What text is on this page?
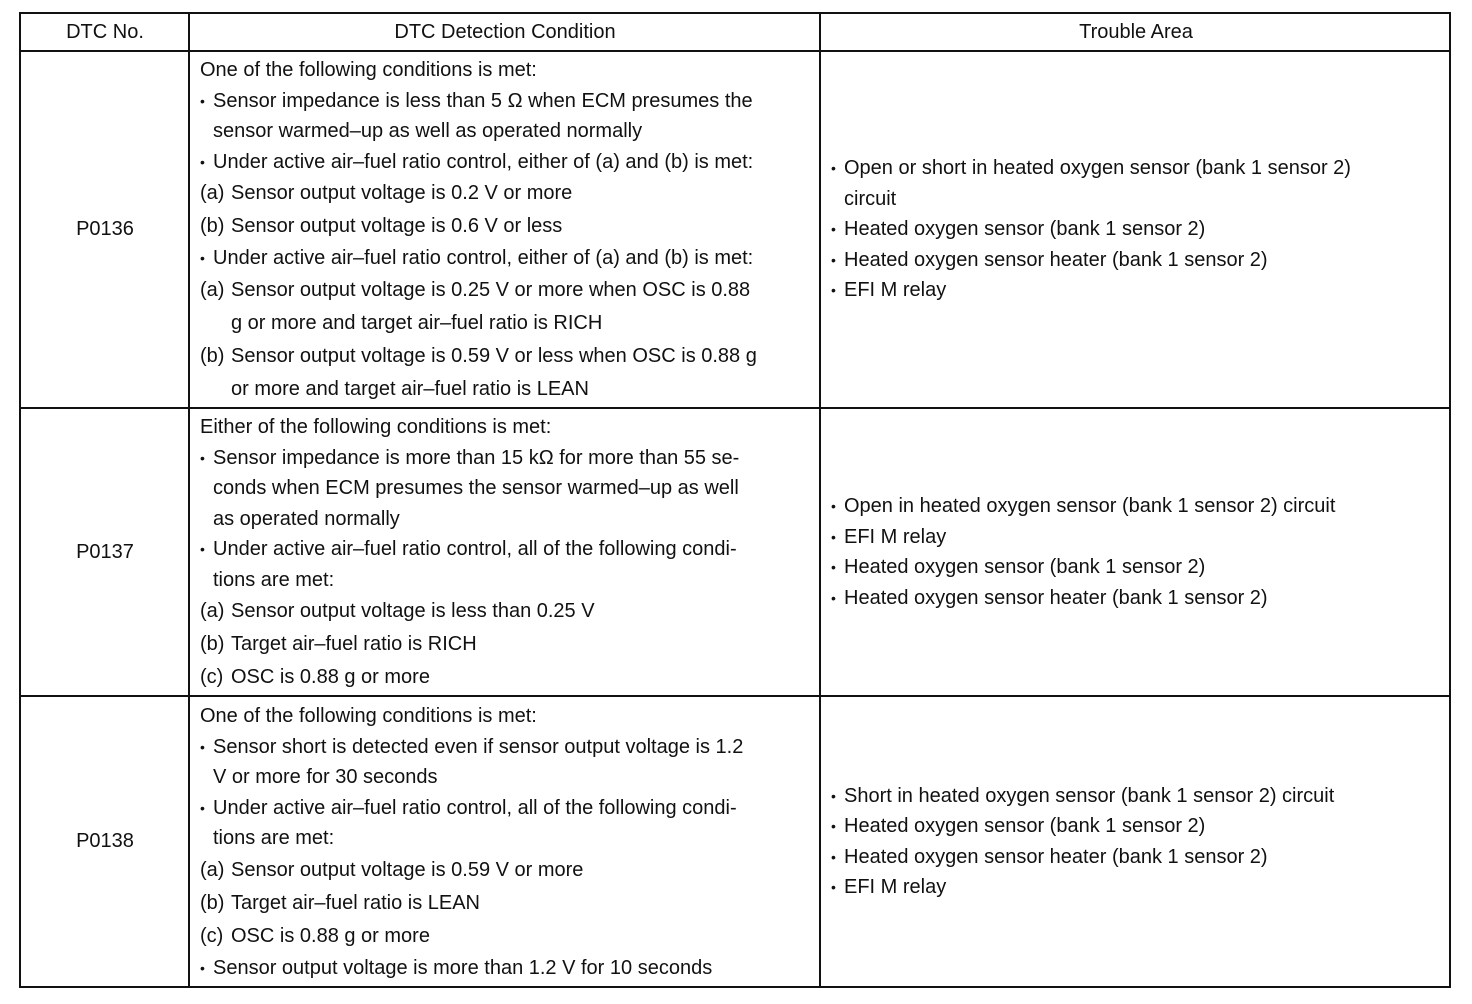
DTC No.	DTC Detection Condition	Trouble Area
P0136
One of the following conditions is met:
• Sensor impedance is less than 5 Ω when ECM presumes the
sensor warmed–up as well as operated normally
• Under active air–fuel ratio control, either of (a) and (b) is met:
(a) Sensor output voltage is 0.2 V or more
(b) Sensor output voltage is 0.6 V or less
• Under active air–fuel ratio control, either of (a) and (b) is met:
(a) Sensor output voltage is 0.25 V or more when OSC is 0.88
g or more and target air–fuel ratio is RICH
(b) Sensor output voltage is 0.59 V or less when OSC is 0.88 g
or more and target air–fuel ratio is LEAN
• Open or short in heated oxygen sensor (bank 1 sensor 2)
circuit
• Heated oxygen sensor (bank 1 sensor 2)
• Heated oxygen sensor heater (bank 1 sensor 2)
• EFI M relay
P0137
Either of the following conditions is met:
• Sensor impedance is more than 15 kΩ for more than 55 se-
conds when ECM presumes the sensor warmed–up as well
as operated normally
• Under active air–fuel ratio control, all of the following condi-
tions are met:
(a) Sensor output voltage is less than 0.25 V
(b) Target air–fuel ratio is RICH
(c) OSC is 0.88 g or more
• Open in heated oxygen sensor (bank 1 sensor 2) circuit
• EFI M relay
• Heated oxygen sensor (bank 1 sensor 2)
• Heated oxygen sensor heater (bank 1 sensor 2)
P0138
One of the following conditions is met:
• Sensor short is detected even if sensor output voltage is 1.2
V or more for 30 seconds
• Under active air–fuel ratio control, all of the following condi-
tions are met:
(a) Sensor output voltage is 0.59 V or more
(b) Target air–fuel ratio is LEAN
(c) OSC is 0.88 g or more
• Sensor output voltage is more than 1.2 V for 10 seconds
• Short in heated oxygen sensor (bank 1 sensor 2) circuit
• Heated oxygen sensor (bank 1 sensor 2)
• Heated oxygen sensor heater (bank 1 sensor 2)
• EFI M relay
